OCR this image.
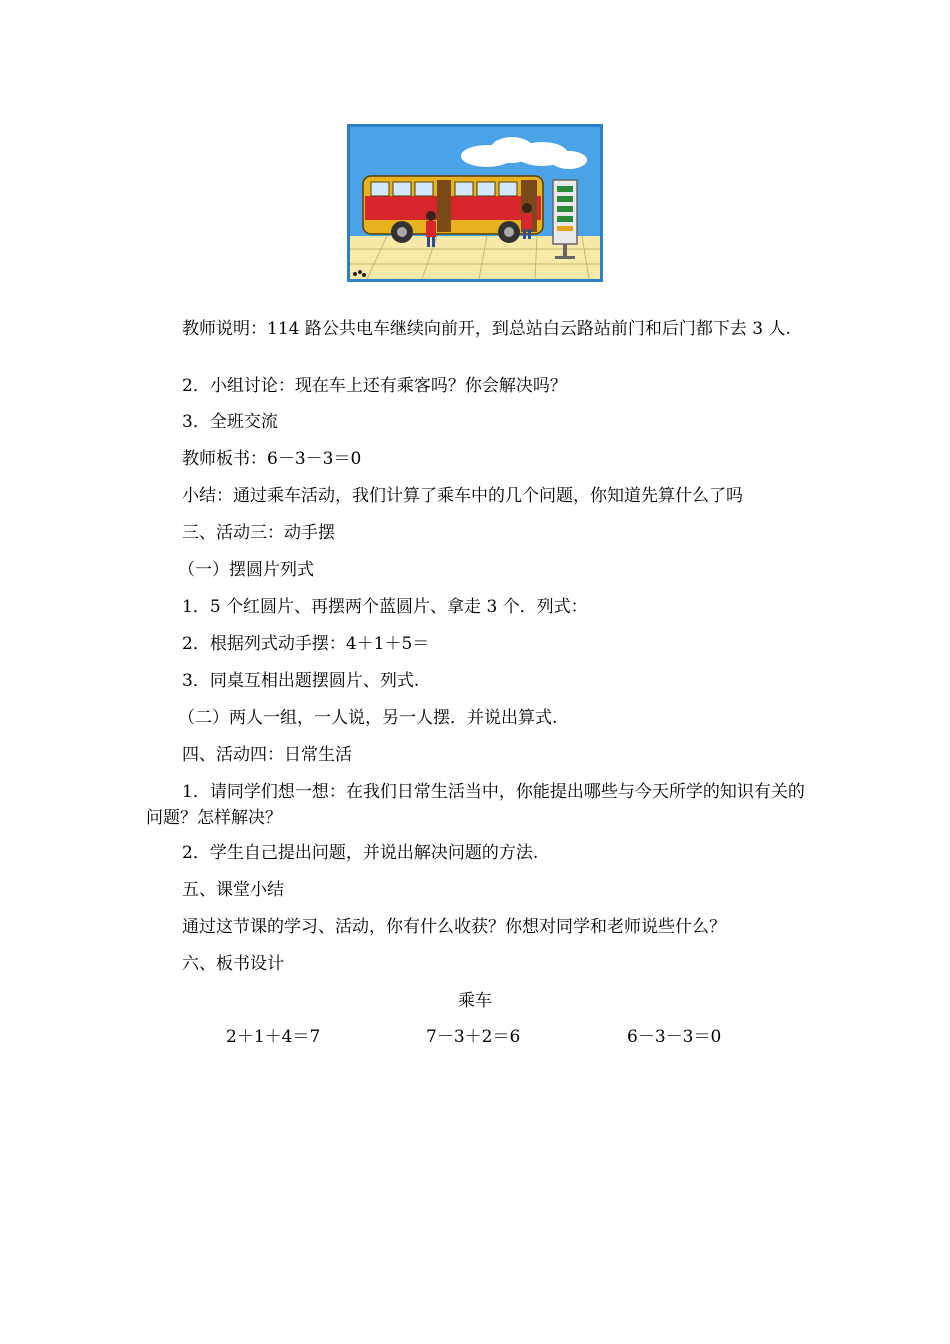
教师说明：114 路公共电车继续向前开，到总站白云路站前门和后门都下去 3 人.
2．小组讨论：现在车上还有乘客吗？你会解决吗？
3．全班交流
教师板书：6－3－3＝0
小结：通过乘车活动，我们计算了乘车中的几个问题，你知道先算什么了吗
三、活动三：动手摆
（一）摆圆片列式
1．5 个红圆片、再摆两个蓝圆片、拿走 3 个．列式：
2．根据列式动手摆：4＋1＋5＝
3．同桌互相出题摆圆片、列式.
（二）两人一组，一人说，另一人摆．并说出算式.
四、活动四：日常生活
1．请同学们想一想：在我们日常生活当中，你能提出哪些与今天所学的知识有关的问题？怎样解决？
2．学生自己提出问题，并说出解决问题的方法.
五、课堂小结
通过这节课的学习、活动，你有什么收获？你想对同学和老师说些什么？
六、板书设计
乘车
2＋1＋4＝7	7－3＋2＝6	6－3－3＝0
